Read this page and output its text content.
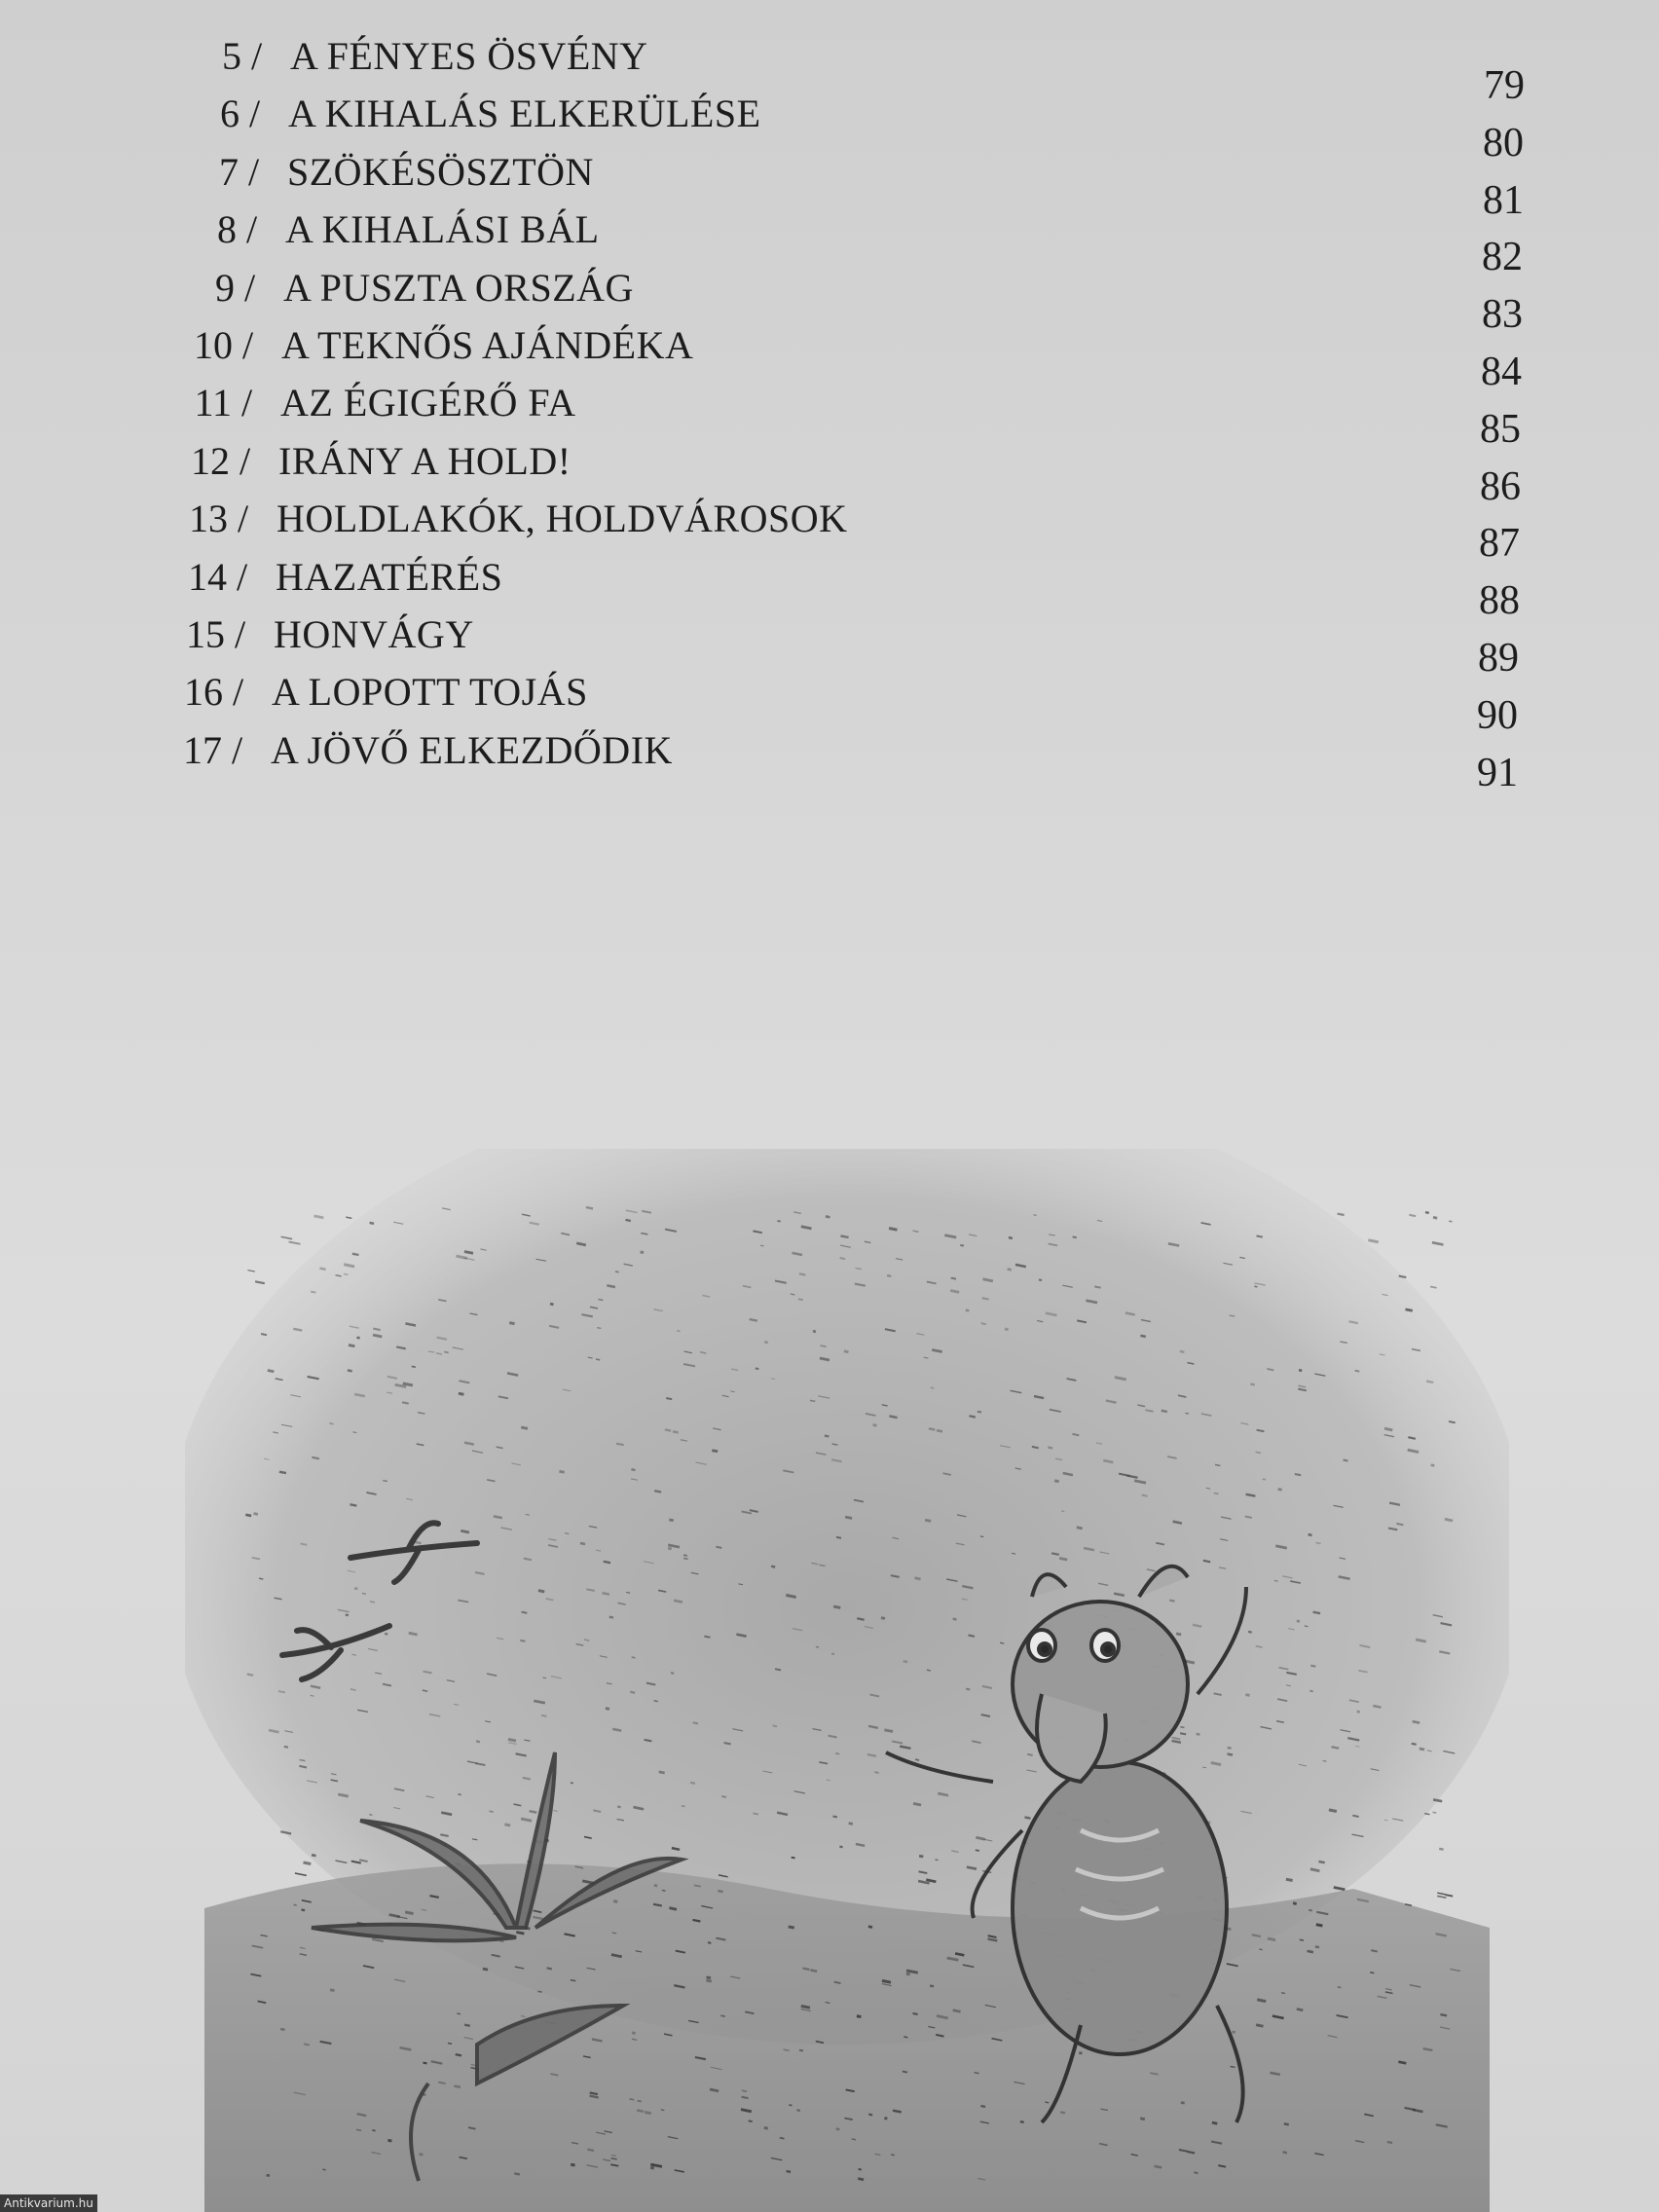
5 / A FÉNYES ÖSVÉNY
79
6 / A KIHALÁS ELKERÜLÉSE
80
7 / SZÖKÉSÖSZTÖN
81
8 / A KIHALÁSI BÁL
82
9 / A PUSZTA ORSZÁG
83
10 / A TEKNŐS AJÁNDÉKA
84
11 / AZ ÉGIGÉRŐ FA
85
12 / IRÁNY A HOLD!
86
13 / HOLDLAKÓK, HOLDVÁROSOK
87
14 / HAZATÉRÉS
88
15 / HONVÁGY
89
16 / A LOPOTT TOJÁS
90
17 / A JÖVŐ ELKEZDŐDIK
91
Antikvarium.hu
